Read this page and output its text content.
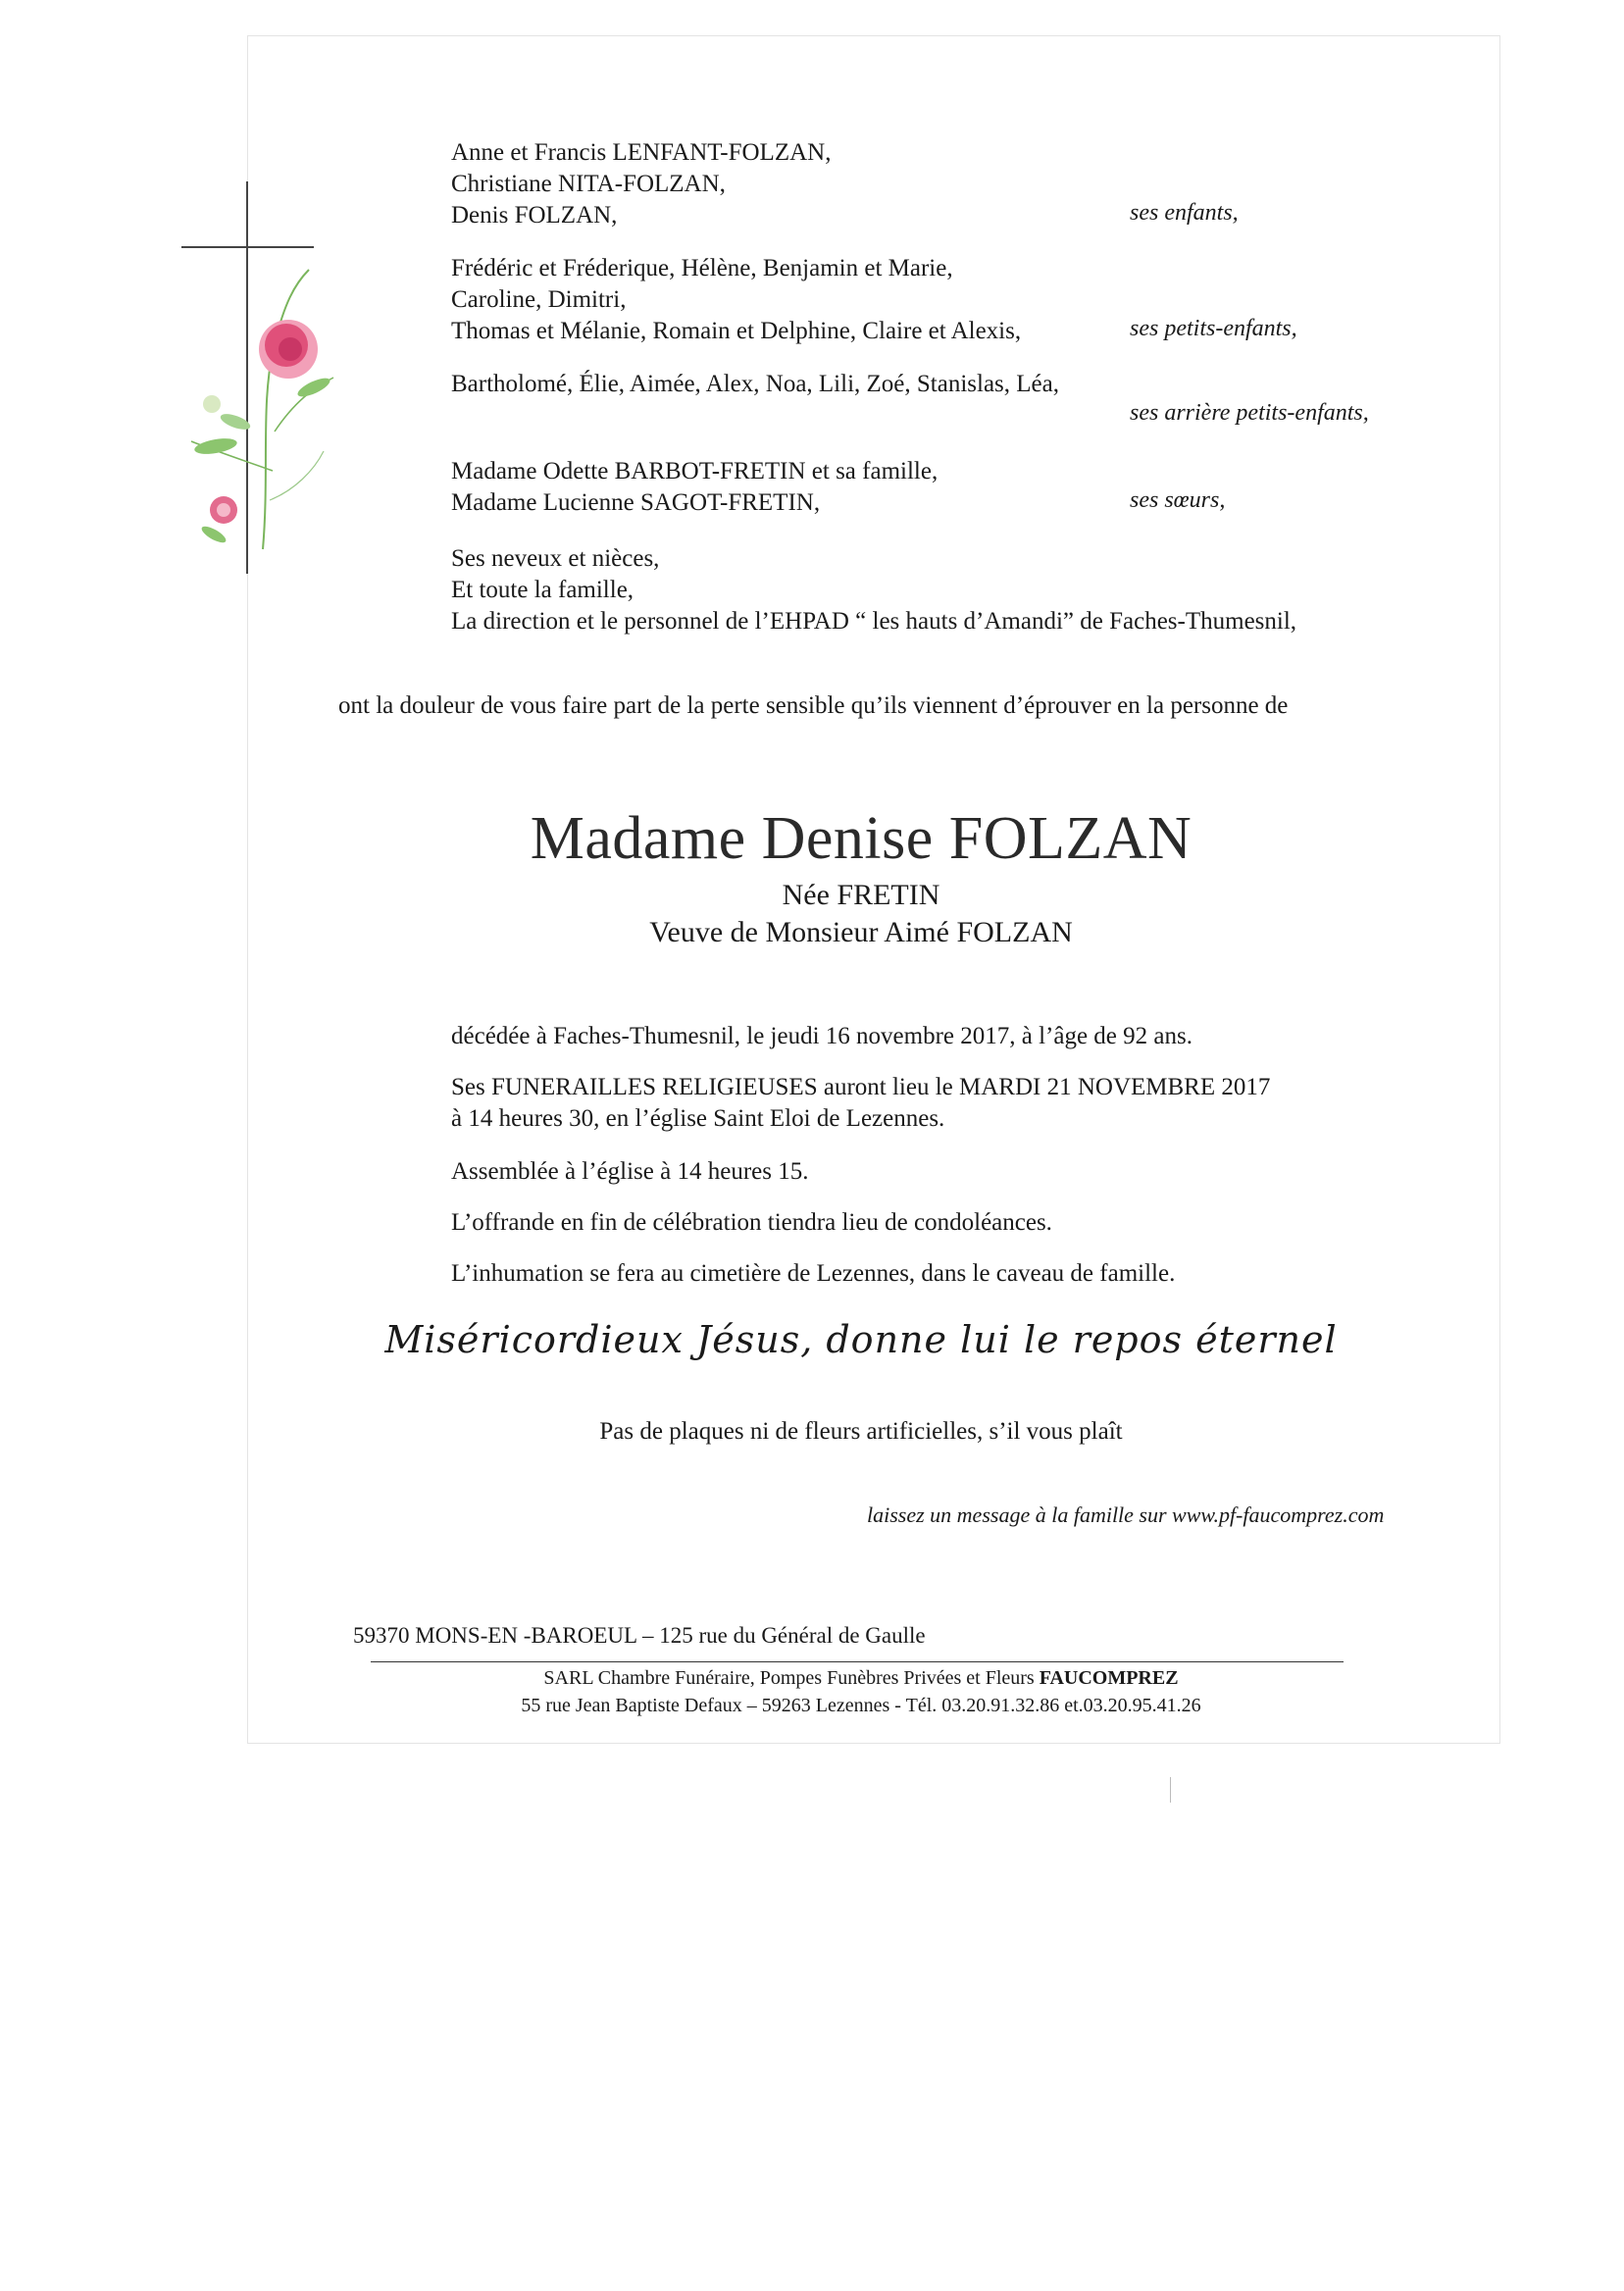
Anne et Francis LENFANT-FOLZAN,
Christiane NITA-FOLZAN,
Denis FOLZAN,	ses enfants,
Frédéric et Fréderique, Hélène, Benjamin et Marie,
Caroline, Dimitri,
Thomas et Mélanie, Romain et Delphine, Claire et Alexis,	ses petits-enfants,
Bartholomé, Élie, Aimée, Alex, Noa, Lili, Zoé, Stanislas, Léa,
ses arrière petits-enfants,
Madame Odette BARBOT-FRETIN et sa famille,
Madame Lucienne SAGOT-FRETIN,	ses sœurs,
Ses neveux et nièces,
Et toute la famille,
La direction et le personnel de l’EHPAD “ les hauts d’Amandi” de Faches-Thumesnil,
ont la douleur de vous faire part de la perte sensible qu’ils viennent d’éprouver en la personne de
Madame Denise FOLZAN
Née FRETIN
Veuve de Monsieur Aimé FOLZAN
décédée à Faches-Thumesnil, le jeudi 16 novembre 2017, à l’âge de 92 ans.
Ses FUNERAILLES RELIGIEUSES auront lieu le MARDI 21 NOVEMBRE 2017
à 14 heures 30, en l’église Saint Eloi de Lezennes.
Assemblée à l’église à 14 heures 15.
L’offrande en fin de célébration tiendra lieu de condoléances.
L’inhumation se fera au cimetière de Lezennes, dans le caveau de famille.
Miséricordieux Jésus, donne lui le repos éternel
Pas de plaques ni de fleurs artificielles, s’il vous plaît
laissez un message à la famille sur www.pf-faucomprez.com
59370 MONS-EN -BAROEUL – 125 rue du Général de Gaulle
SARL Chambre Funéraire, Pompes Funèbres Privées et Fleurs FAUCOMPREZ
55 rue Jean Baptiste Defaux – 59263 Lezennes - Tél. 03.20.91.32.86 et.03.20.95.41.26
